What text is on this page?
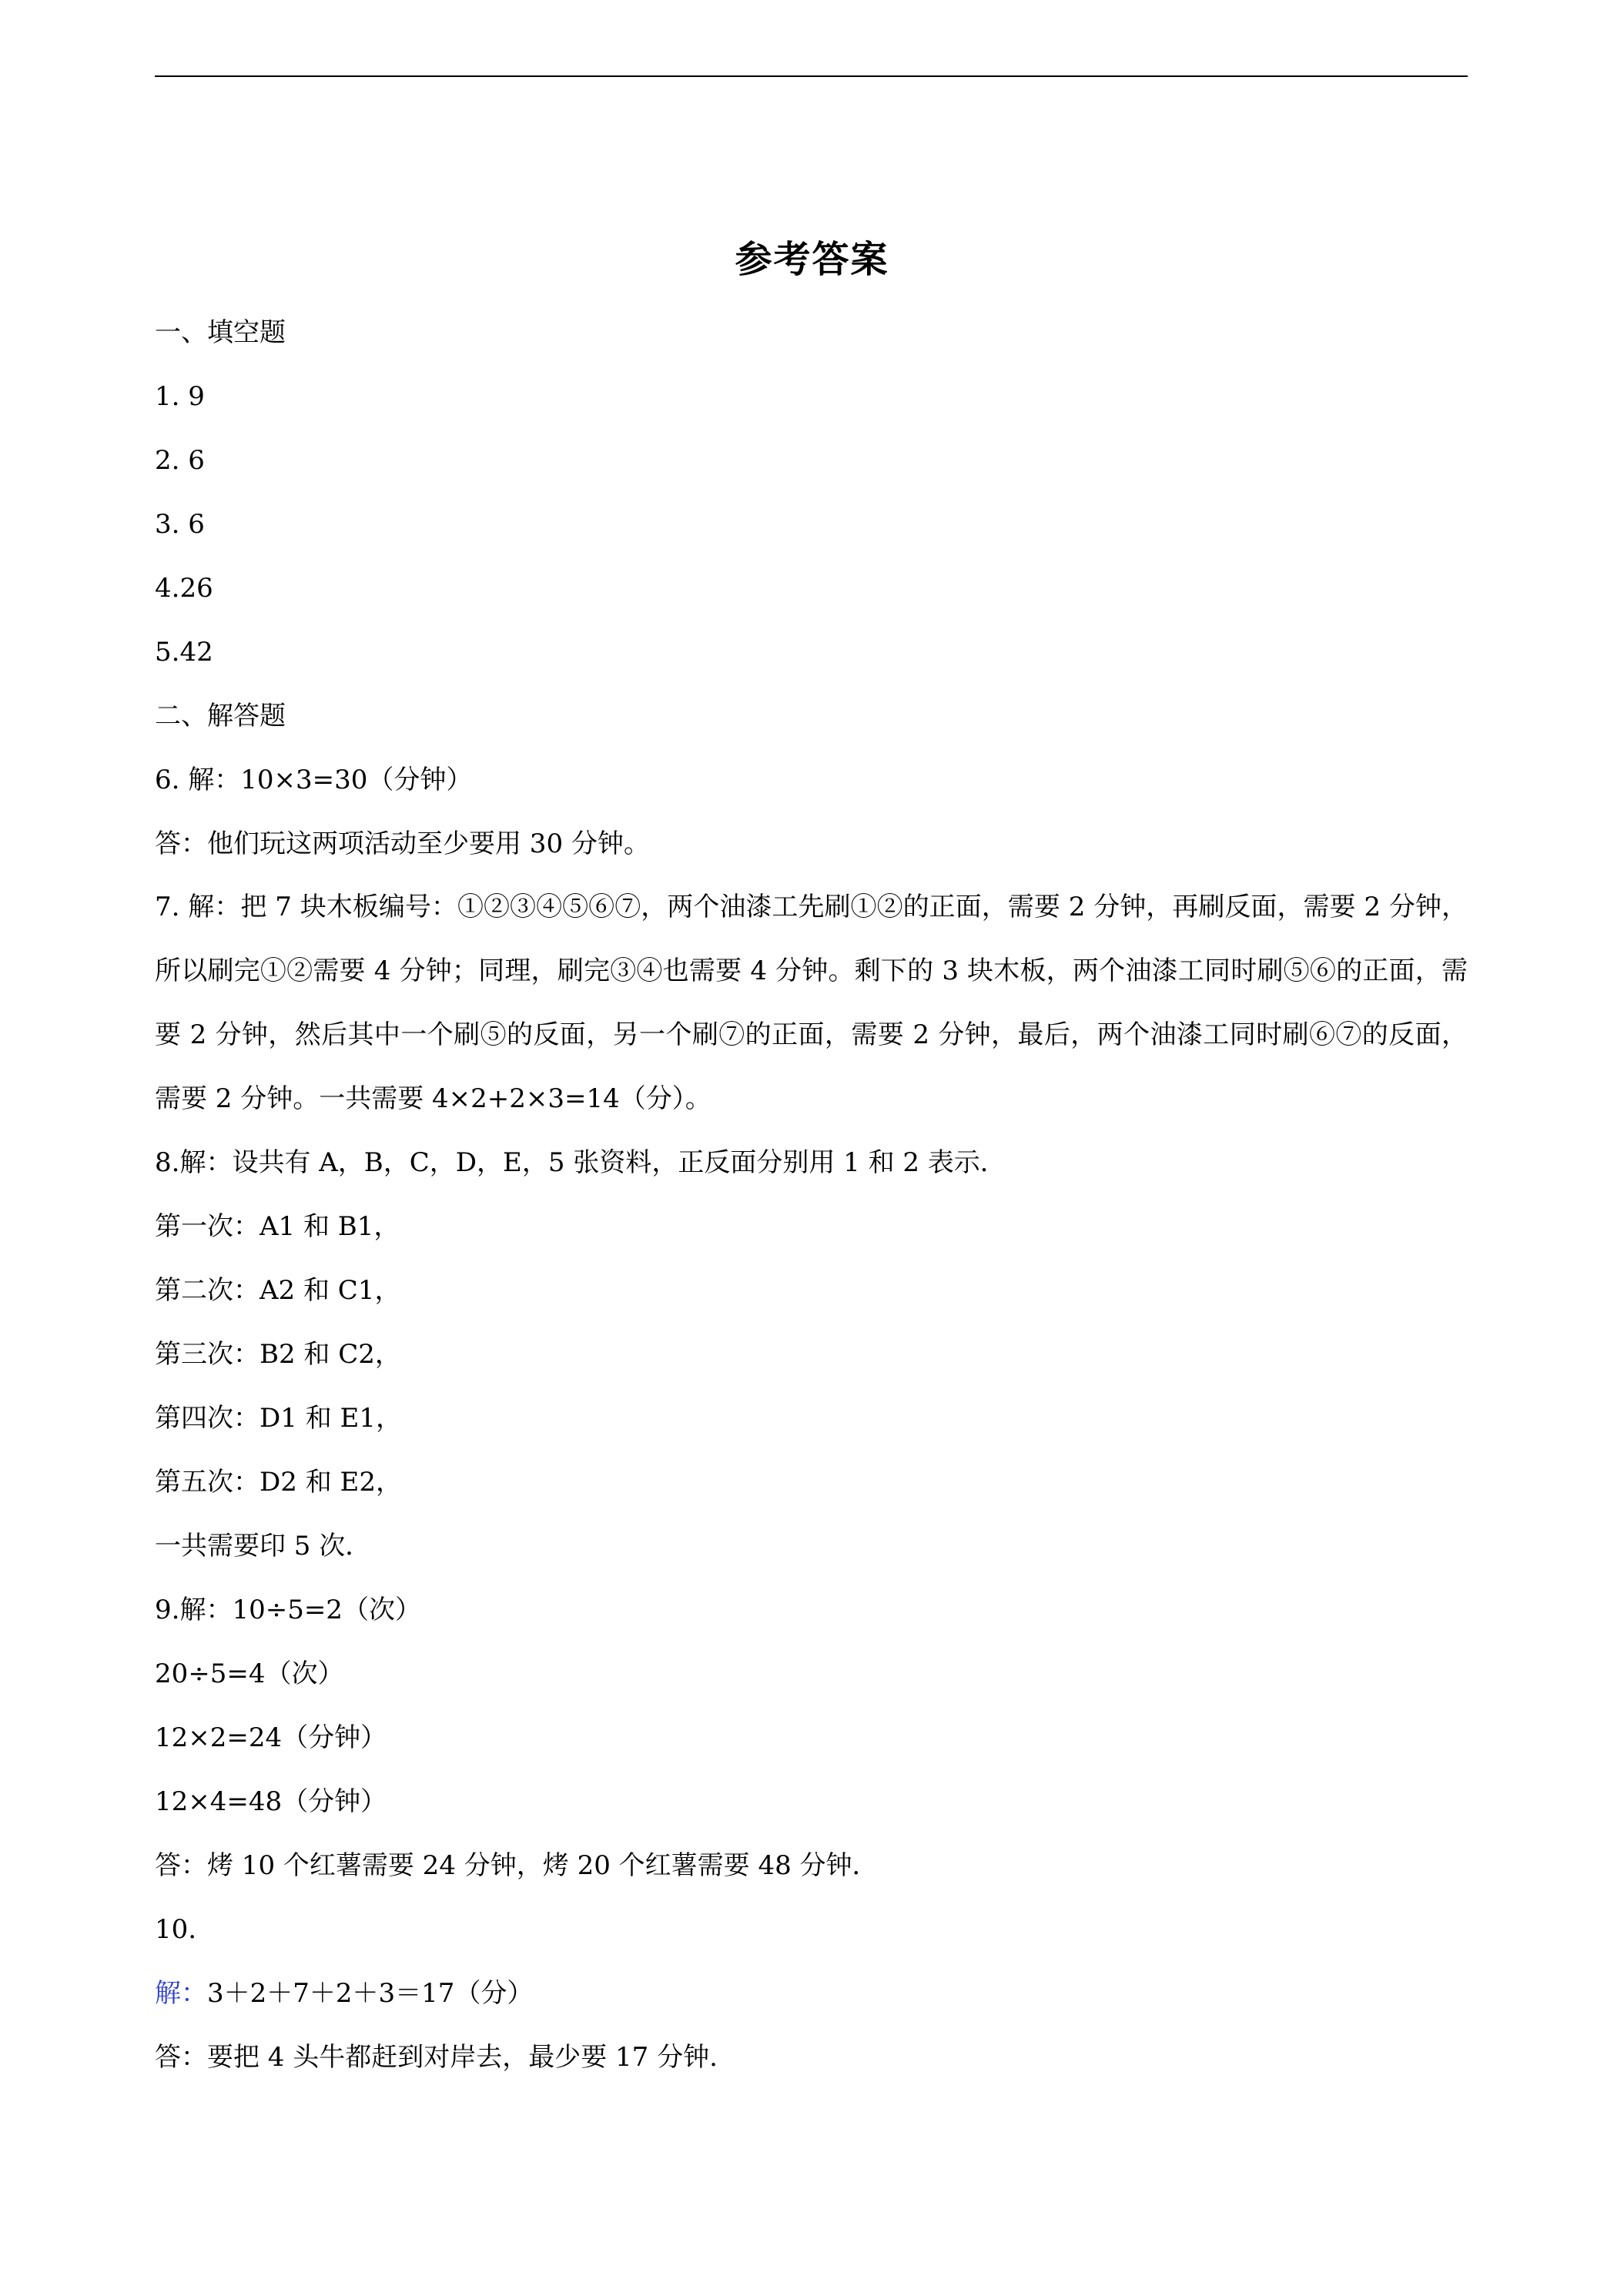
参考答案
一、填空题
1. 9
2. 6
3. 6
4.26
5.42
二、解答题
6. 解：10×3=30（分钟）
答：他们玩这两项活动至少要用 30 分钟。
7. 解：把 7 块木板编号：①②③④⑤⑥⑦，两个油漆工先刷①②的正面，需要 2 分钟，再刷反面，需要 2 分钟，所以刷完①②需要 4 分钟；同理，刷完③④也需要 4 分钟。剩下的 3 块木板，两个油漆工同时刷⑤⑥的正面，需要 2 分钟，然后其中一个刷⑤的反面，另一个刷⑦的正面，需要 2 分钟，最后，两个油漆工同时刷⑥⑦的反面，需要 2 分钟。一共需要 4×2+2×3=14（分）。
8.解：设共有 A，B，C，D，E，5 张资料，正反面分别用 1 和 2 表示．
第一次：A1 和 B1，
第二次：A2 和 C1，
第三次：B2 和 C2，
第四次：D1 和 E1，
第五次：D2 和 E2，
一共需要印 5 次．
9.解：10÷5=2（次）
20÷5=4（次）
12×2=24（分钟）
12×4=48（分钟）
答：烤 10 个红薯需要 24 分钟，烤 20 个红薯需要 48 分钟．
10.
解：3＋2＋7＋2＋3＝17（分）
答：要把 4 头牛都赶到对岸去，最少要 17 分钟.
